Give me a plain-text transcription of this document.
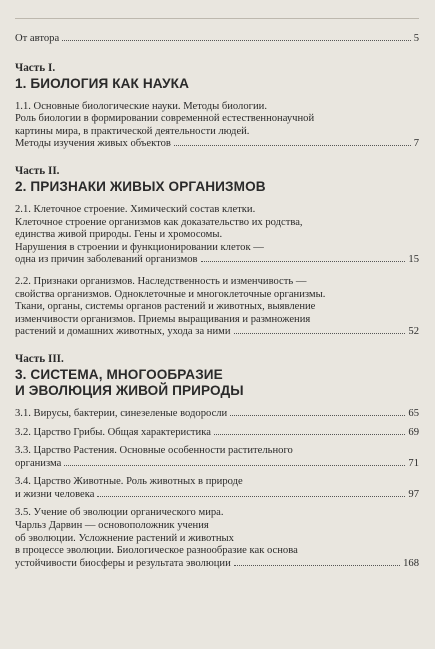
От автора	5
Часть I.
1. БИОЛОГИЯ КАК НАУКА
1.1. Основные биологические науки. Методы биологии.
Роль биологии в формировании современной естественнонаучной
картины мира, в практической деятельности людей.
Методы изучения живых объектов	7
Часть II.
2. ПРИЗНАКИ ЖИВЫХ ОРГАНИЗМОВ
2.1. Клеточное строение. Химический состав клетки.
Клеточное строение организмов как доказательство их родства,
единства живой природы. Гены и хромосомы.
Нарушения в строении и функционировании клеток —
одна из причин заболеваний организмов	15
2.2. Признаки организмов. Наследственность и изменчивость —
свойства организмов. Одноклеточные и многоклеточные организмы.
Ткани, органы, системы органов растений и животных, выявление
изменчивости организмов. Приемы выращивания и размножения
растений и домашних животных, ухода за ними	52
Часть III.
3. СИСТЕМА, МНОГООБРАЗИЕ
И ЭВОЛЮЦИЯ ЖИВОЙ ПРИРОДЫ
3.1. Вирусы, бактерии, синезеленые водоросли	65
3.2. Царство Грибы. Общая характеристика	69
3.3. Царство Растения. Основные особенности растительного
организма	71
3.4. Царство Животные. Роль животных в природе
и жизни человека	97
3.5. Учение об эволюции органического мира.
Чарльз Дарвин — основоположник учения
об эволюции. Усложнение растений и животных
в процессе эволюции. Биологическое разнообразие как основа
устойчивости биосферы и результата эволюции	168
